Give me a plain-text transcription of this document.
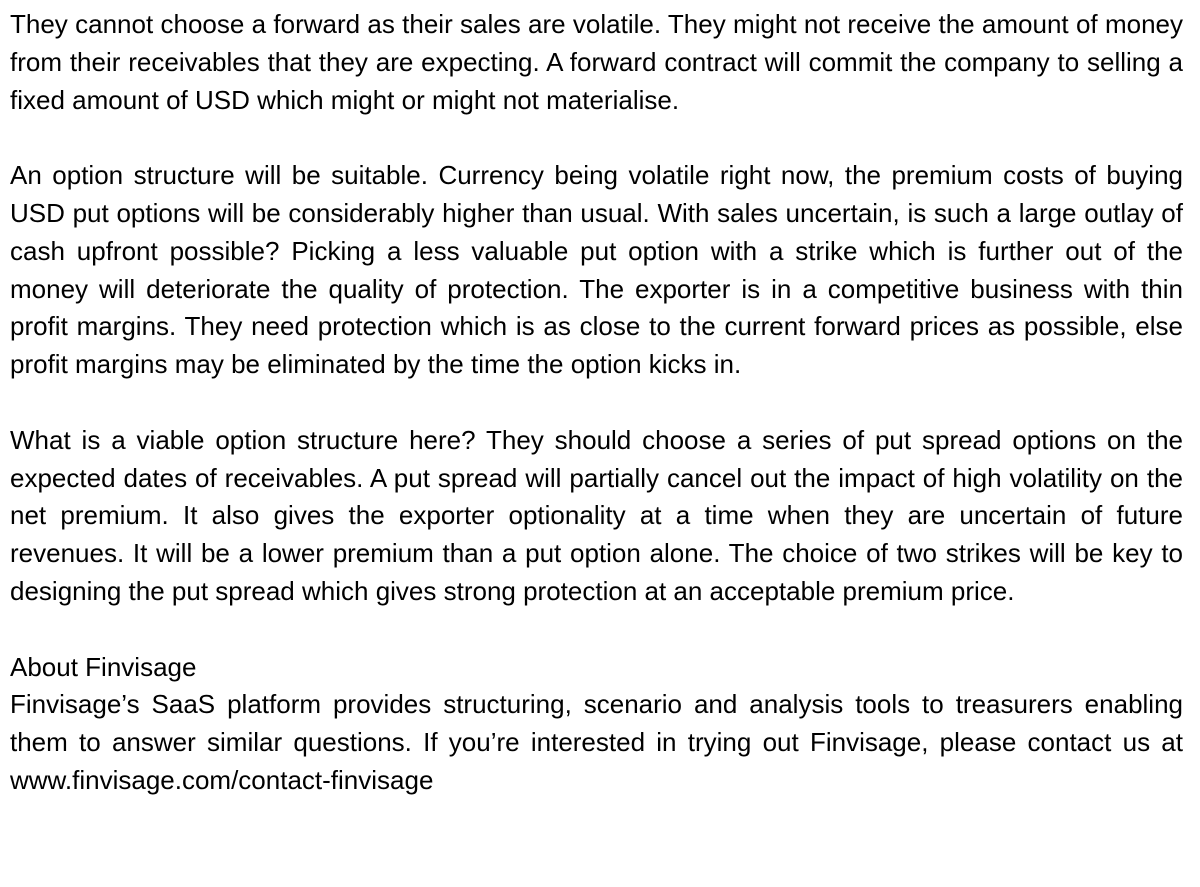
They cannot choose a forward as their sales are volatile. They might not receive the amount of money from their receivables that they are expecting. A forward contract will commit the company to selling a fixed amount of USD which might or might not materialise.

An option structure will be suitable. Currency being volatile right now, the premium costs of buying USD put options will be considerably higher than usual. With sales uncertain, is such a large outlay of cash upfront possible? Picking a less valuable put option with a strike which is further out of the money will deteriorate the quality of protection. The exporter is in a competitive business with thin profit margins. They need protection which is as close to the current forward prices as possible, else profit margins may be eliminated by the time the option kicks in.

What is a viable option structure here? They should choose a series of put spread options on the expected dates of receivables. A put spread will partially cancel out the impact of high volatility on the net premium. It also gives the exporter optionality at a time when they are uncertain of future revenues. It will be a lower premium than a put option alone. The choice of two strikes will be key to designing the put spread which gives strong protection at an acceptable premium price.

About Finvisage

Finvisage’s SaaS platform provides structuring, scenario and analysis tools to treasurers enabling them to answer similar questions. If you’re interested in trying out Finvisage, please contact us at www.finvisage.com/contact-finvisage
